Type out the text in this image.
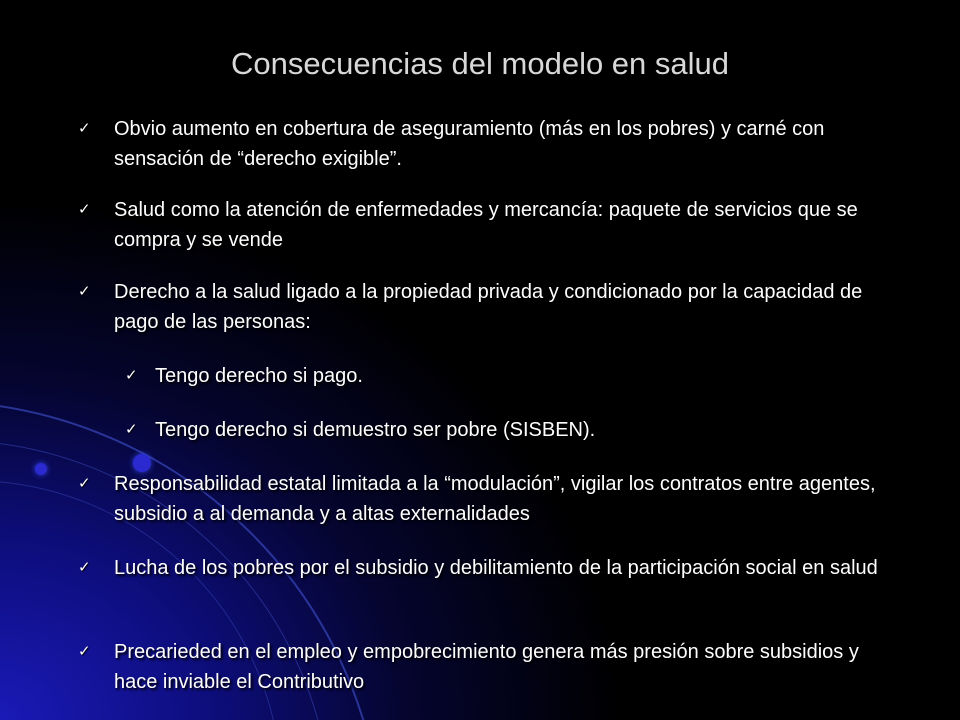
Consecuencias del modelo en salud
✓	Obvio aumento en cobertura de aseguramiento (más en los pobres) y carné con sensación de “derecho exigible”.
✓	Salud como la atención de enfermedades y mercancía: paquete de servicios que se compra y se vende
✓	Derecho a la salud ligado a la propiedad privada y condicionado por la capacidad de pago de las personas:
✓ Tengo derecho si pago.
✓ Tengo derecho si demuestro ser pobre (SISBEN).
✓	Responsabilidad estatal limitada a la “modulación”, vigilar los contratos entre agentes, subsidio a al demanda y a altas externalidades
✓	Lucha de los pobres por el subsidio y debilitamiento de la participación social en salud
✓	Precarieded en el empleo y empobrecimiento genera más presión sobre subsidios y hace inviable el Contributivo
